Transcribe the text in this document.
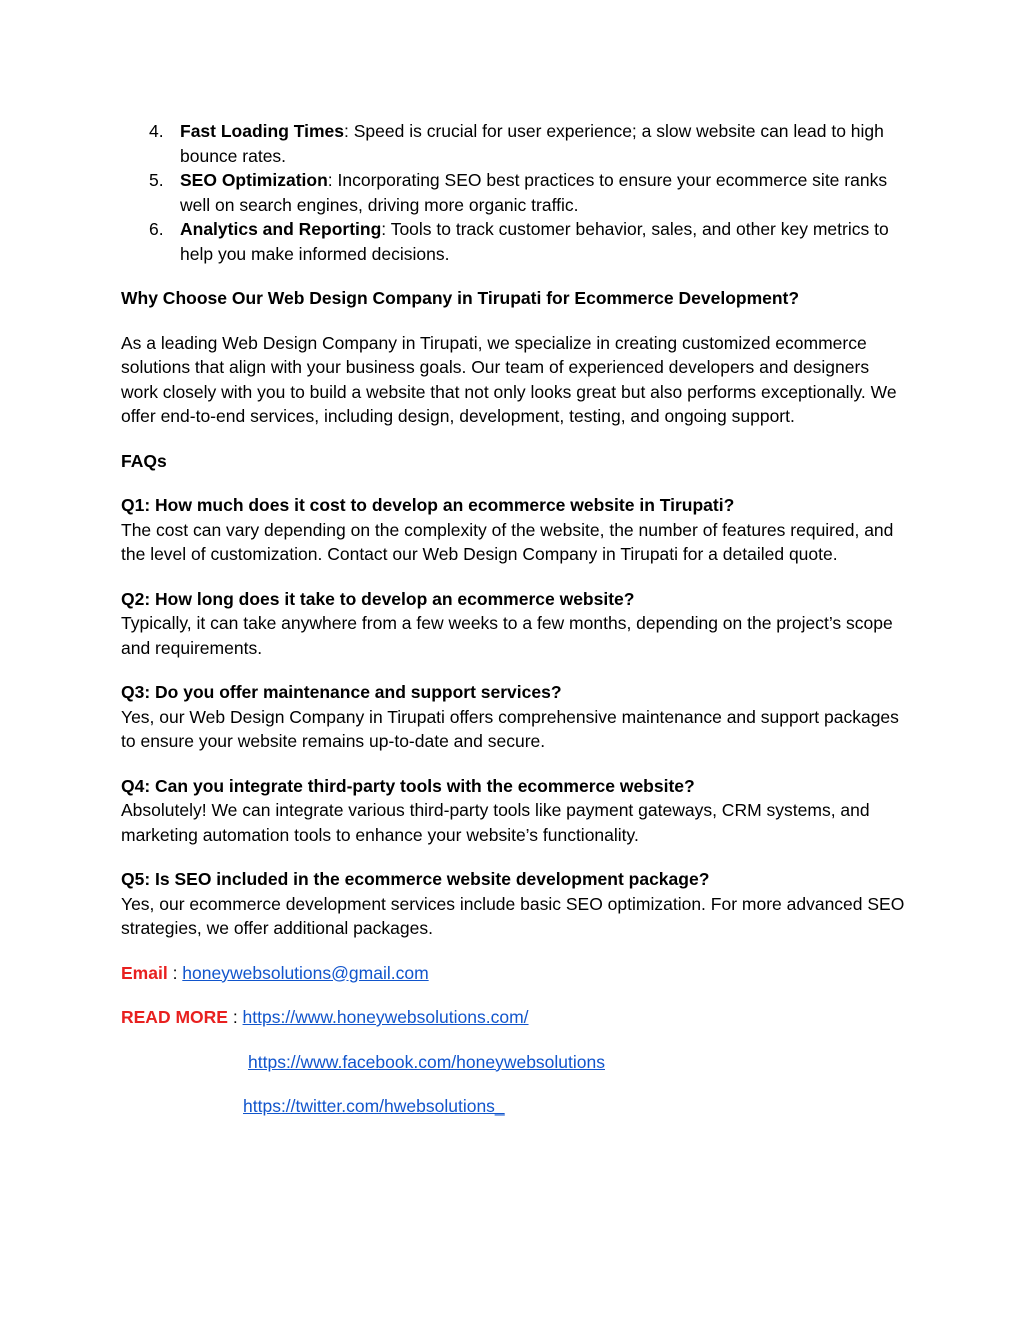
4. Fast Loading Times: Speed is crucial for user experience; a slow website can lead to high bounce rates.
5. SEO Optimization: Incorporating SEO best practices to ensure your ecommerce site ranks well on search engines, driving more organic traffic.
6. Analytics and Reporting: Tools to track customer behavior, sales, and other key metrics to help you make informed decisions.

Why Choose Our Web Design Company in Tirupati for Ecommerce Development?

As a leading Web Design Company in Tirupati, we specialize in creating customized ecommerce solutions that align with your business goals. Our team of experienced developers and designers work closely with you to build a website that not only looks great but also performs exceptionally. We offer end-to-end services, including design, development, testing, and ongoing support.

FAQs

Q1: How much does it cost to develop an ecommerce website in Tirupati?

The cost can vary depending on the complexity of the website, the number of features required, and the level of customization. Contact our Web Design Company in Tirupati for a detailed quote.

Q2: How long does it take to develop an ecommerce website?

Typically, it can take anywhere from a few weeks to a few months, depending on the project’s scope and requirements.

Q3: Do you offer maintenance and support services?

Yes, our Web Design Company in Tirupati offers comprehensive maintenance and support packages to ensure your website remains up-to-date and secure.

Q4: Can you integrate third-party tools with the ecommerce website?

Absolutely! We can integrate various third-party tools like payment gateways, CRM systems, and marketing automation tools to enhance your website’s functionality.

Q5: Is SEO included in the ecommerce website development package?

Yes, our ecommerce development services include basic SEO optimization. For more advanced SEO strategies, we offer additional packages.

Email : honeywebsolutions@gmail.com

READ MORE : https://www.honeywebsolutions.com/

https://www.facebook.com/honeywebsolutions

https://twitter.com/hwebsolutions_
